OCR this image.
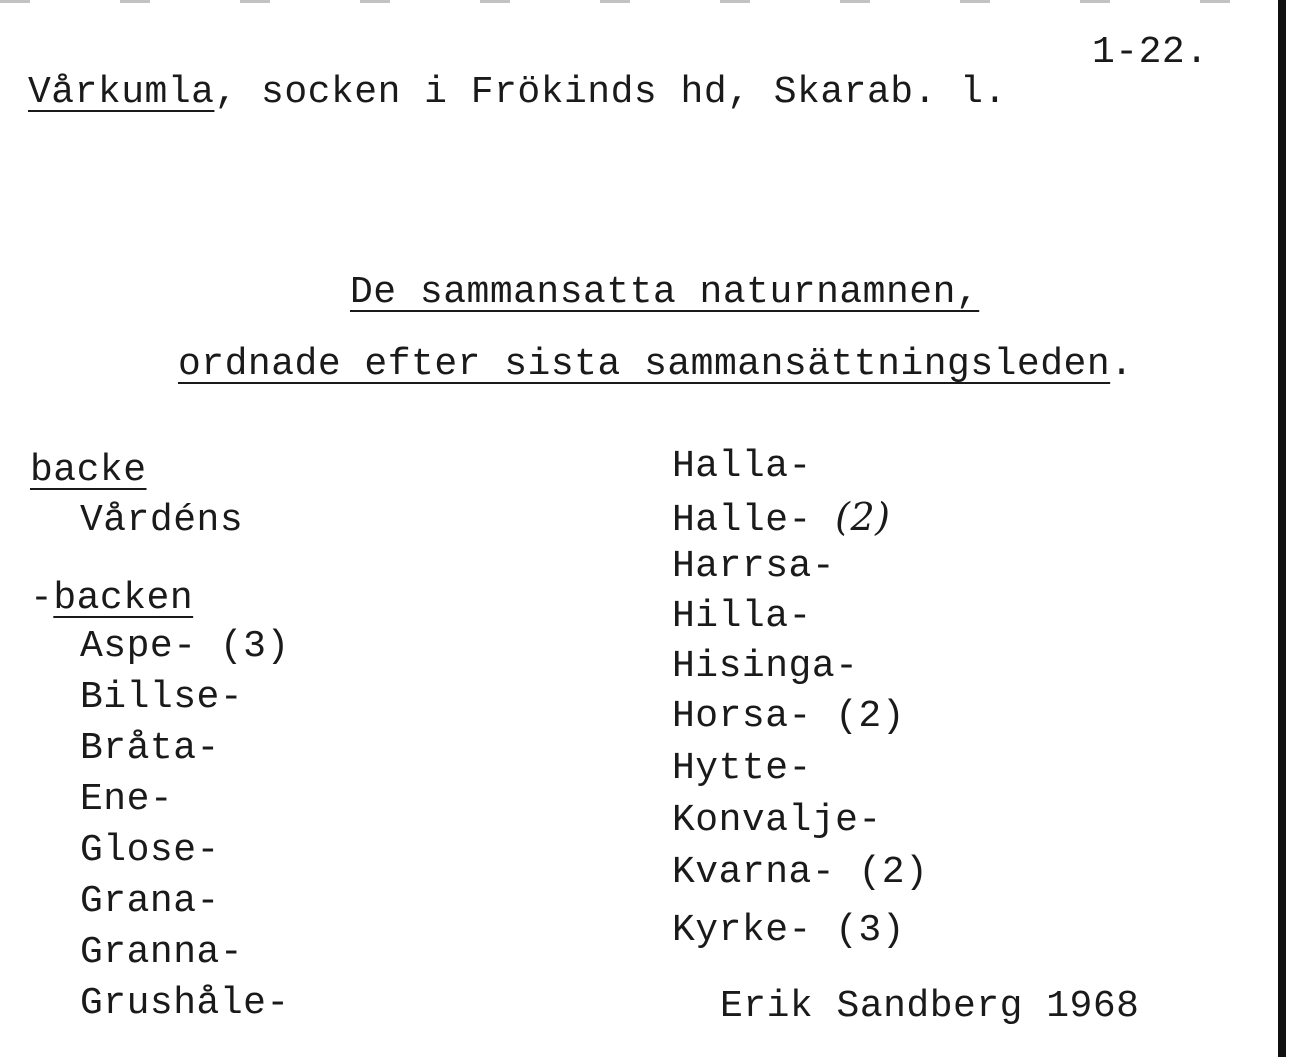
1-22.
Vårkumla, socken i Frökinds hd, Skarab. l.
De sammansatta naturnamnen,
ordnade efter sista sammansättningsleden.
backe
Vårdéns
-backen
Aspe- (3)
Billse-
Bråta-
Ene-
Glose-
Grana-
Granna-
Grushåle-
Halla-
Halle- (2)
Harrsa-
Hilla-
Hisinga-
Horsa- (2)
Hytte-
Konvalje-
Kvarna- (2)
Kyrke- (3)
Erik Sandberg 1968
